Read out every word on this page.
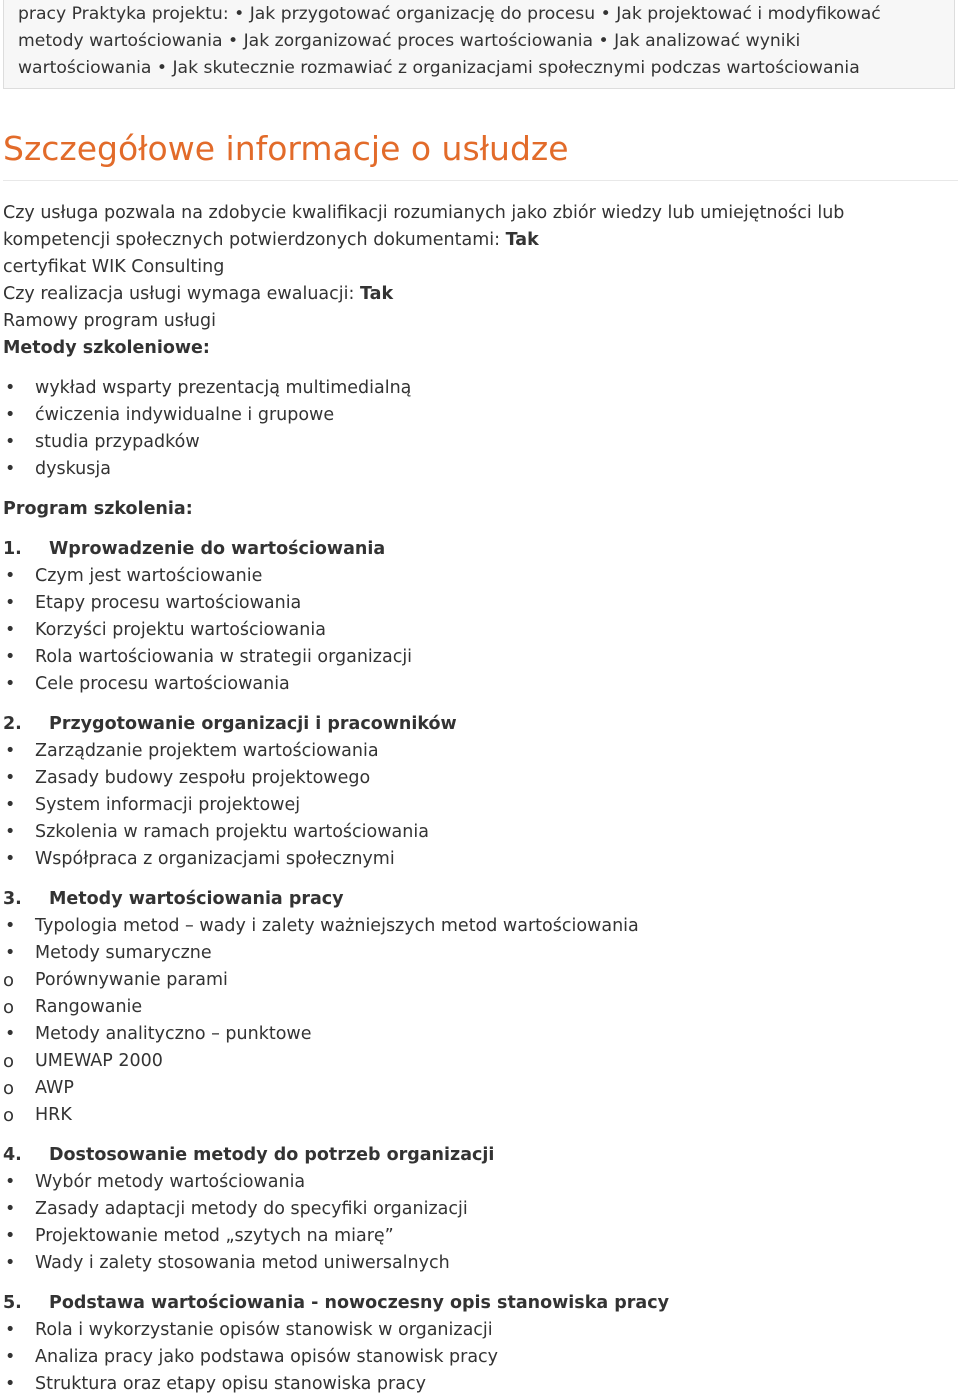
pracy Praktyka projektu: • Jak przygotować organizację do procesu • Jak projektować i modyfikować

metody wartościowania • Jak zorganizować proces wartościowania • Jak analizować wyniki

wartościowania • Jak skutecznie rozmawiać z organizacjami społecznymi podczas wartościowania

Szczegółowe informacje o usłudze

Czy usługa pozwala na zdobycie kwalifikacji rozumianych jako zbiór wiedzy lub umiejętności lub

kompetencji społecznych potwierdzonych dokumentami: Tak

certyfikat WIK Consulting

Czy realizacja usługi wymaga ewaluacji: Tak

Ramowy program usługi

Metody szkoleniowe:

•	wykład wsparty prezentacją multimedialną
•	ćwiczenia indywidualne i grupowe
•	studia przypadków
•	dyskusja

Program szkolenia:

1. Wprowadzenie do wartościowania

•	Czym jest wartościowanie
•	Etapy procesu wartościowania
•	Korzyści projektu wartościowania
•	Rola wartościowania w strategii organizacji
•	Cele procesu wartościowania

2. Przygotowanie organizacji i pracowników

•	Zarządzanie projektem wartościowania
•	Zasady budowy zespołu projektowego
•	System informacji projektowej
•	Szkolenia w ramach projektu wartościowania
•	Współpraca z organizacjami społecznymi

3. Metody wartościowania pracy

•	Typologia metod – wady i zalety ważniejszych metod wartościowania
•	Metody sumaryczne
o	Porównywanie parami
o	Rangowanie
•	Metody analityczno – punktowe
o	UMEWAP 2000
o	AWP
o	HRK

4. Dostosowanie metody do potrzeb organizacji

•	Wybór metody wartościowania
•	Zasady adaptacji metody do specyfiki organizacji
•	Projektowanie metod „szytych na miarę”
•	Wady i zalety stosowania metod uniwersalnych

5. Podstawa wartościowania - nowoczesny opis stanowiska pracy

•	Rola i wykorzystanie opisów stanowisk w organizacji
•	Analiza pracy jako podstawa opisów stanowisk pracy
•	Struktura oraz etapy opisu stanowiska pracy
